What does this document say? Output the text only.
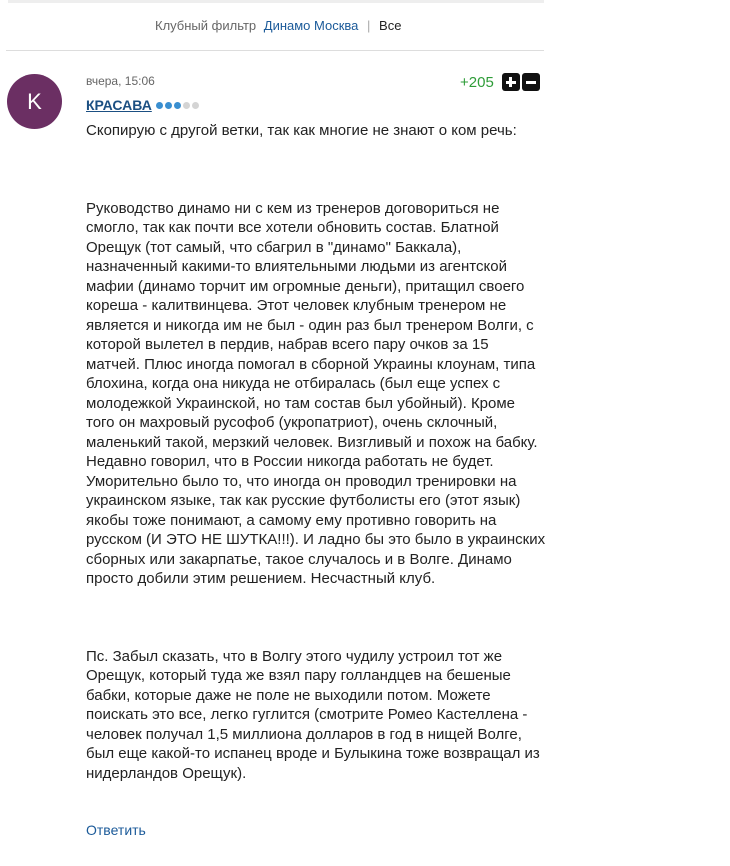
Клубный фильтр Динамо Москва | Все
K
вчера, 15:06	+205
КРАСАВА

Скопирую с другой ветки, так как многие не знают о ком речь:

Руководство динамо ни с кем из тренеров договориться не смогло, так как почти все хотели обновить состав. Блатной Орещук (тот самый, что сбагрил в "динамо" Баккала), назначенный какими-то влиятельными людьми из агентской мафии (динамо торчит им огромные деньги), притащил своего кореша - калитвинцева. Этот человек клубным тренером не является и никогда им не был - один раз был тренером Волги, с которой вылетел в пердив, набрав всего пару очков за 15 матчей. Плюс иногда помогал в сборной Украины клоунам, типа блохина, когда она никуда не отбиралась (был еще успех с молодежкой Украинской, но там состав был убойный). Кроме того он махровый русофоб (укропатриот), очень склочный, маленький такой, мерзкий человек. Визгливый и похож на бабку. Недавно говорил, что в России никогда работать не будет. Уморительно было то, что иногда он проводил тренировки на украинском языке, так как русские футболисты его (этот язык) якобы тоже понимают, а самому ему противно говорить на русском (И ЭТО НЕ ШУТКА!!!). И ладно бы это было в украинских сборных или закарпатье, такое случалось и в Волге. Динамо просто добили этим решением. Несчастный клуб.

Пс. Забыл сказать, что в Волгу этого чудилу устроил тот же Орещук, который туда же взял пару голландцев на бешеные бабки, которые даже не поле не выходили потом. Можете поискать это все, легко гуглится (смотрите Ромео Кастеллена - человек получал 1,5 миллиона долларов в год в нищей Волге, был еще какой-то испанец вроде и Булыкина тоже возвращал из нидерландов Орещук).

Ответить
